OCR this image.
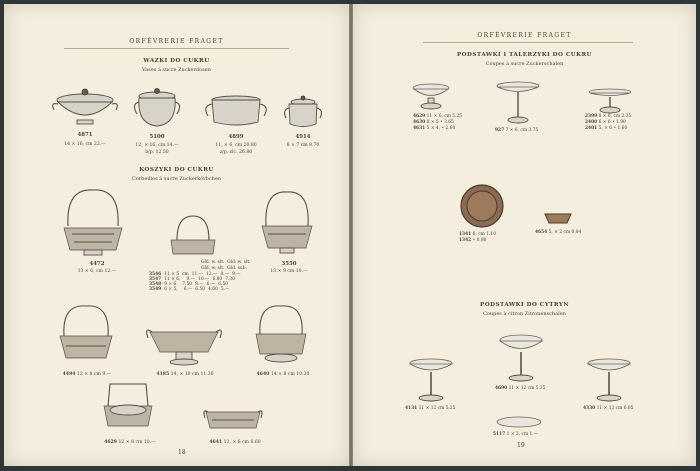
ORFÈVRERIE FRAGET
WAZKI DO CUKRU
Vases à sucre Zuckerdosen
4871
14 × 16, cm 22.—
5100
12, × 16, cm 14.—
b/p. 12.50
4899
11, × 6, cm 20.80
z/p. zlc. 26.80
4914
8 × 7 cm 8.70
KOSZYKI DO CUKRU
Corbeilles à sucre Zuckerkörbchen
4472
13 × 6, cm 12.—
Gld. w. slt. Gld. w. slt.
Gld. w. slt. Gld. sub.
3546 11 × 5 cm 11.— 12.— 8.— 9.—
3547 11 × 6, 9.— 10.— 6.80 7.30
3548 9 × 6 7.50 8.— 6.— 6.50
3549 6 × 5, 6.— 6.50 4.60 5.—
3550
13 × 9 cm 10.—
4494 12 × 8 cm 9.—	4185 14, × 10 cm 11.30	4640 14 × 8 cm 10.20
4629 12 × 8 cm 10.—	4641 12, × 6 cm 6.60
18
ORFÈVRERIE FRAGET
PODSTAWKI I TALERZYKI DO CUKRU
Coupes à sucre Zuckerschalen
4629 11 × 6, cm 5.25
4630 8 × 5 • 3.65
4631 5 × 4, • 2.60	927 7 × 6, cm 3.75
2399 8 × 6, cm 2.35
2400 6 × 6 • 1.90
2401 5, × 6 • 1.60
1341 6, cm 1.10
1342 • 0.80
4654 5, × 2 cm 0.84
PODSTAWKI DO CYTRYN
Coupes à citron Zitronenschalen
4690 11 × 12 cm 5.25
4131 11 × 12 cm 5.25	4330 11 × 12 cm 6.85
5117 1 × 3, cm 1.—
19
